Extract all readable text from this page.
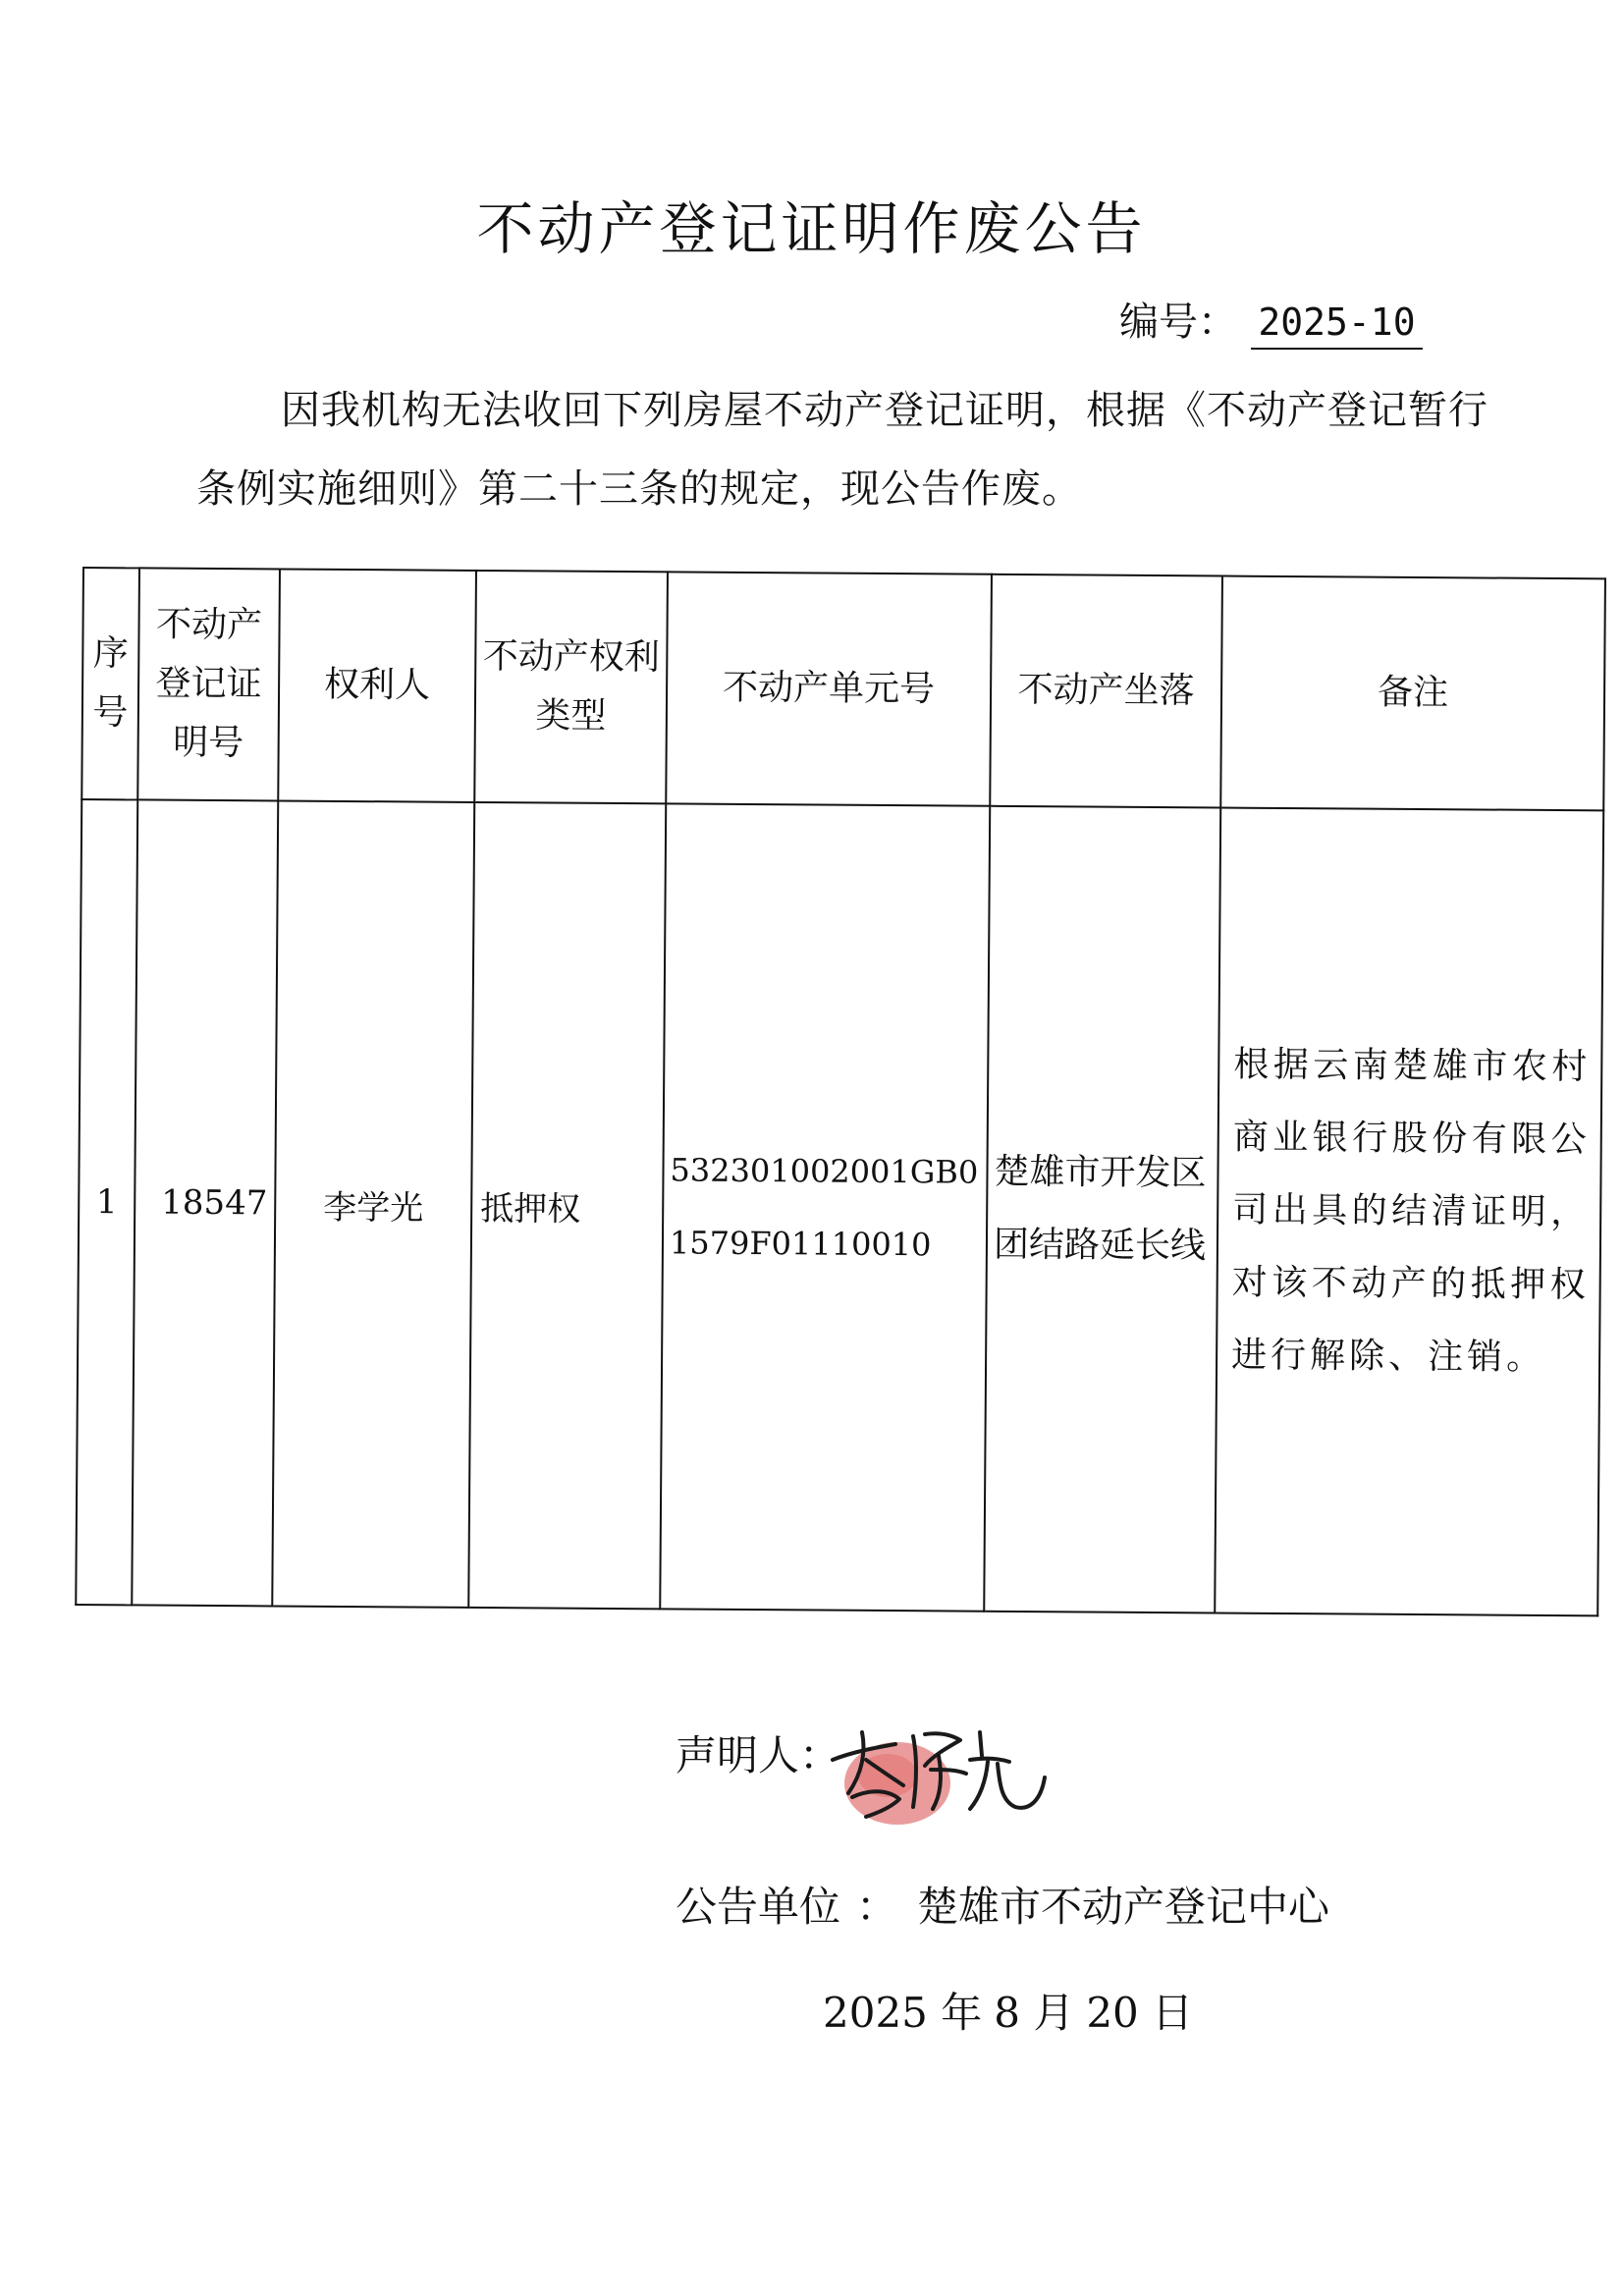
不动产登记证明作废公告
编号： 2025-10
因我机构无法收回下列房屋不动产登记证明，根据《不动产登记暂行条例实施细则》第二十三条的规定，现公告作废。
序号	不动产登记证明号	权利人	不动产权利类型	不动产单元号	不动产坐落	备注
1	18547	李学光	抵押权	532301002001GB01579F01110010	楚雄市开发区团结路延长线	根据云南楚雄市农村商业银行股份有限公司出具的结清证明，对该不动产的抵押权进行解除、注销。
声明人：
公告单位 ： 楚雄市不动产登记中心
2025 年 8 月 20 日
